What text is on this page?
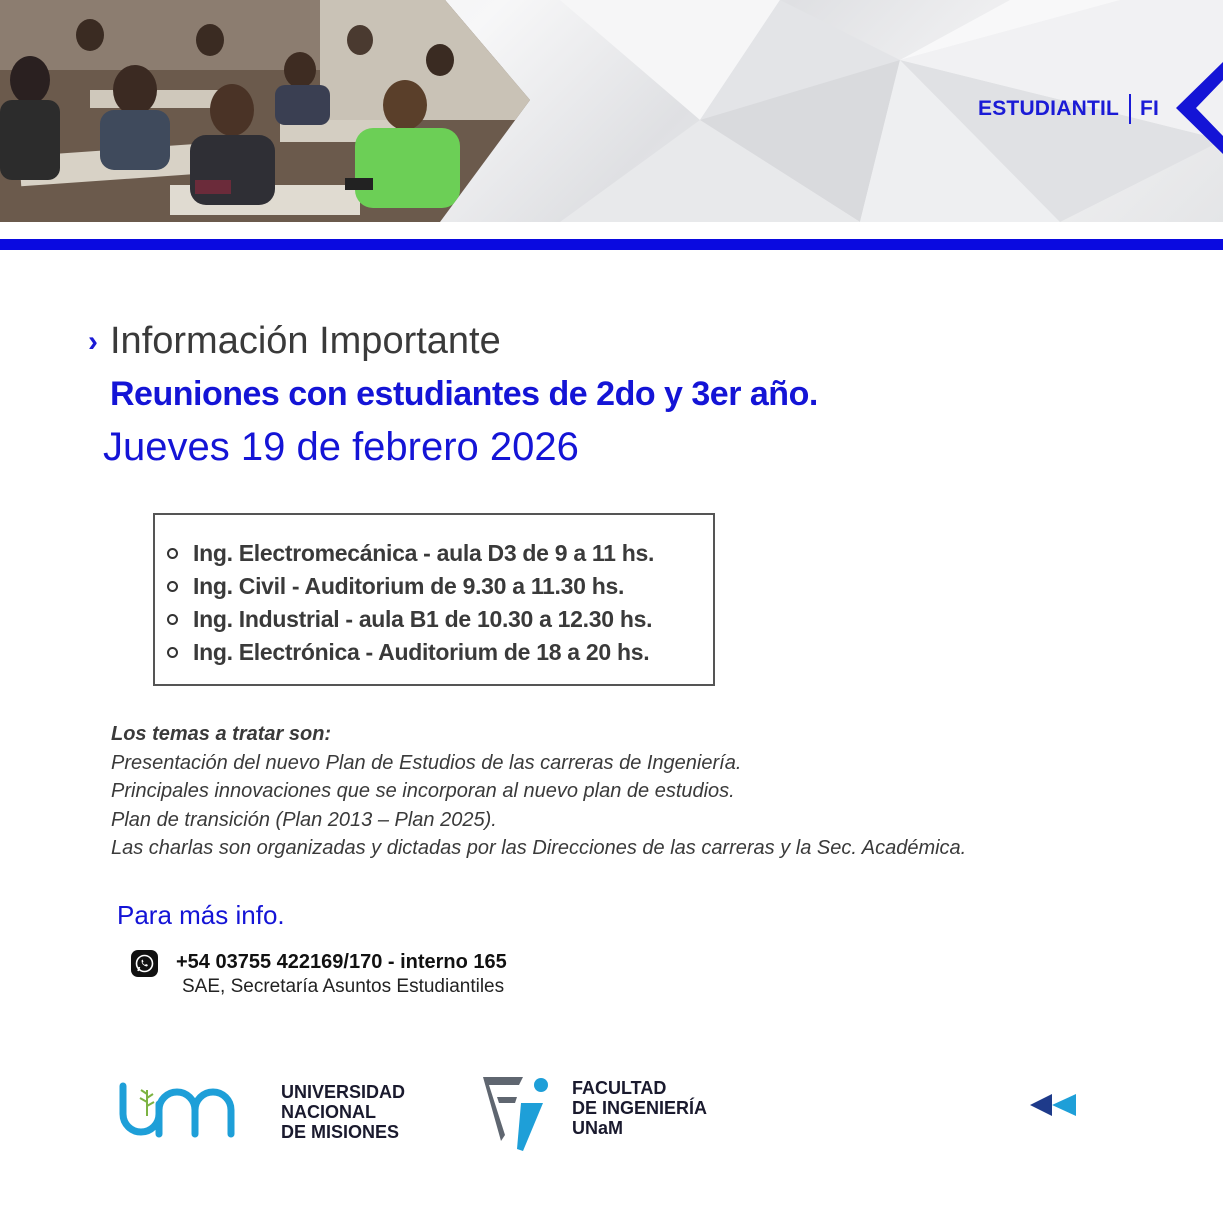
ESTUDIANTIL FI
› Información Importante
Reuniones con estudiantes de 2do y 3er año.
Jueves 19 de febrero 2026
Ing. Electromecánica - aula D3 de 9 a 11 hs.
Ing. Civil - Auditorium de 9.30 a 11.30 hs.
Ing. Industrial - aula B1 de 10.30 a 12.30 hs.
Ing. Electrónica - Auditorium de 18 a 20 hs.
Los temas a tratar son:
Presentación del nuevo Plan de Estudios de las carreras de Ingeniería.
Principales innovaciones que se incorporan al nuevo plan de estudios.
Plan de transición (Plan 2013 – Plan 2025).
Las charlas son organizadas y dictadas por las Direcciones de las carreras y la Sec. Académica.
Para más info.
+54 03755 422169/170 - interno 165
SAE, Secretaría Asuntos Estudiantiles
UNIVERSIDAD
NACIONAL
DE MISIONES
FACULTAD
DE INGENIERÍA
UNaM
